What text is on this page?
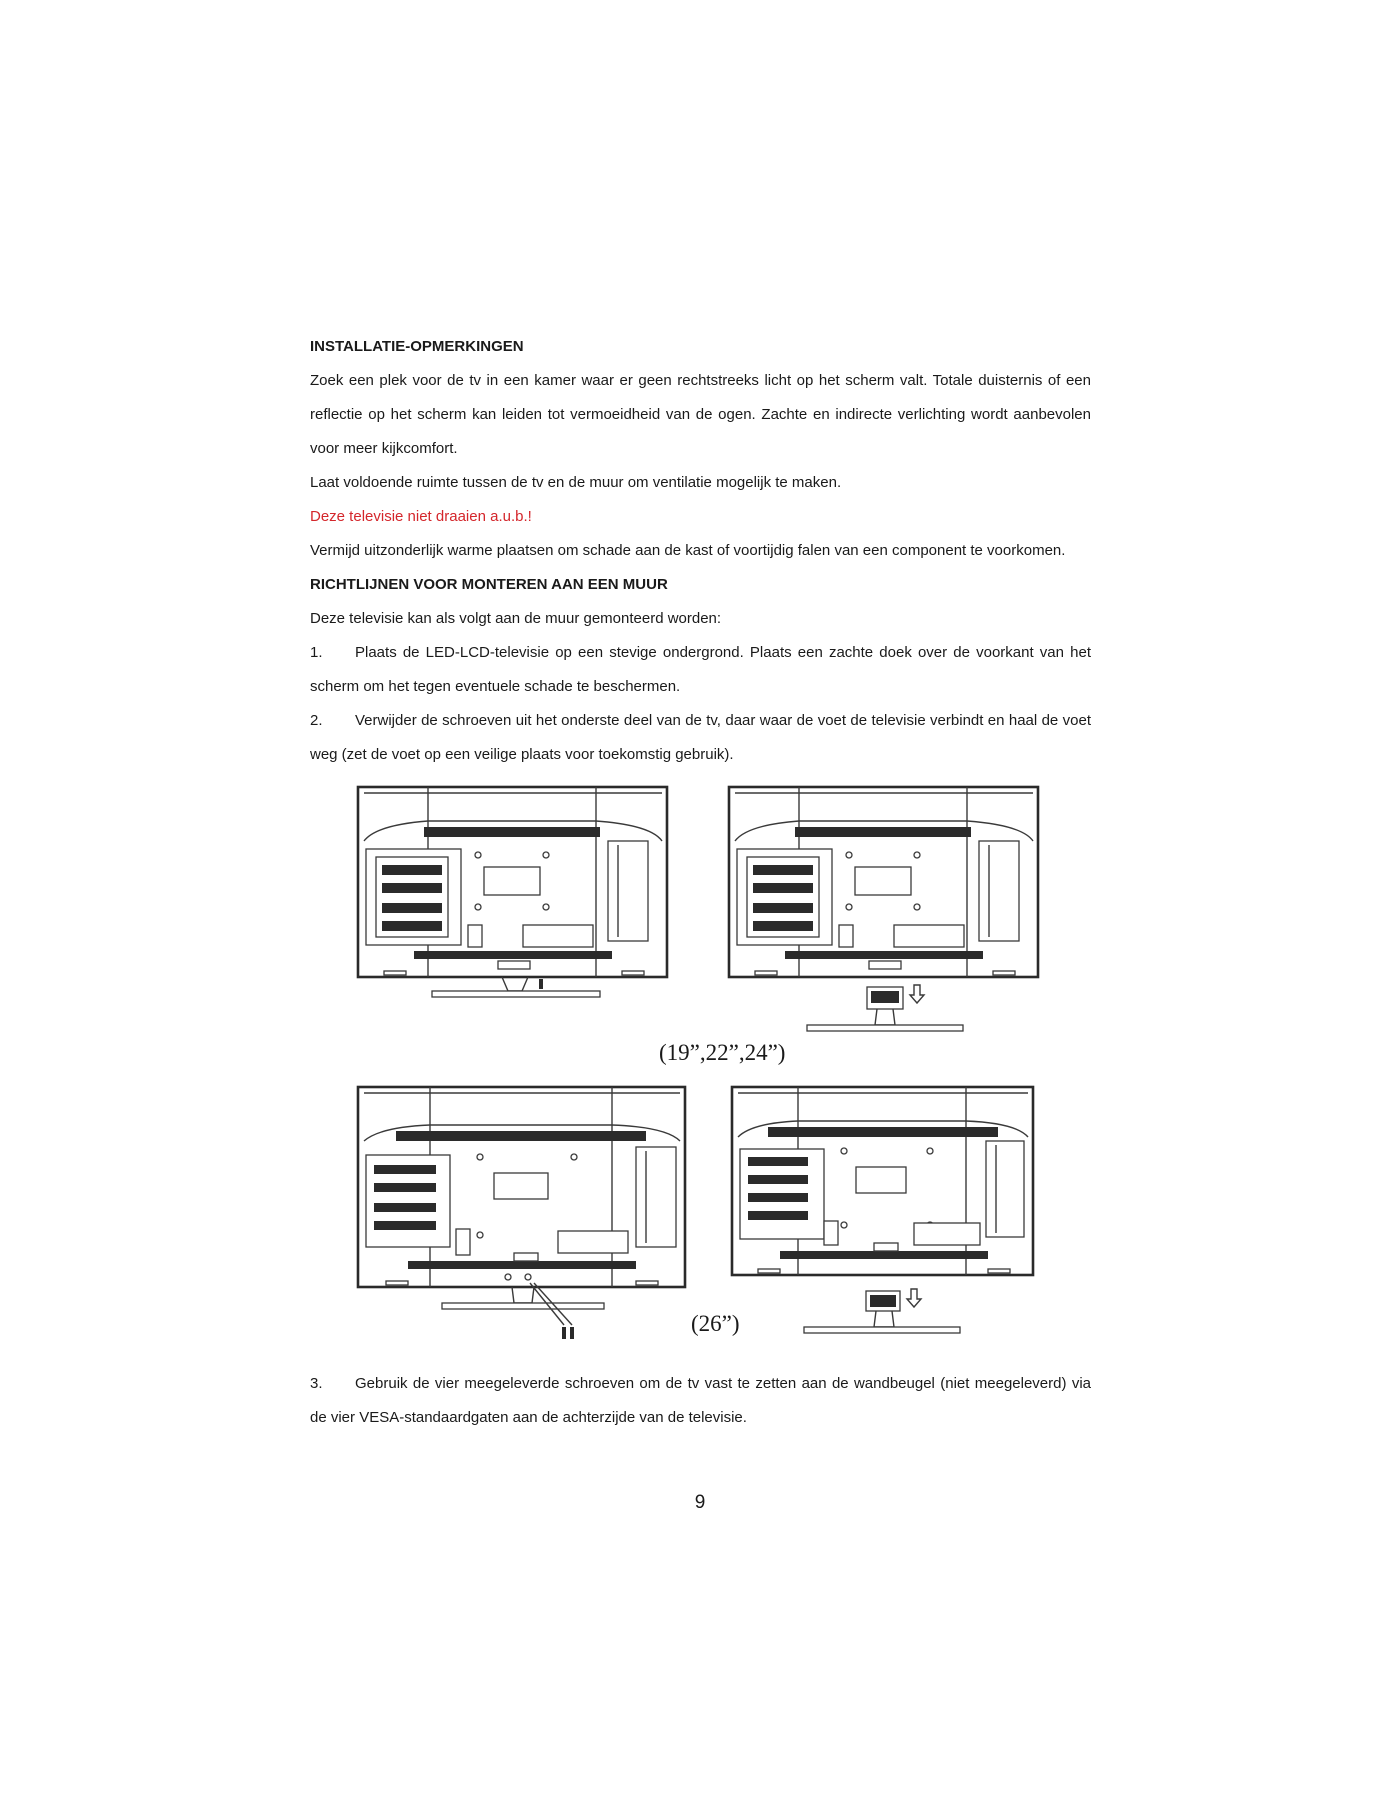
INSTALLATIE-OPMERKINGEN

Zoek een plek voor de tv in een kamer waar er geen rechtstreeks licht op het scherm valt. Totale duisternis of een reflectie op het scherm kan leiden tot vermoeidheid van de ogen. Zachte en indirecte verlichting wordt aanbevolen voor meer kijkcomfort.

Laat voldoende ruimte tussen de tv en de muur om ventilatie mogelijk te maken.

Deze televisie niet draaien a.u.b.!

Vermijd uitzonderlijk warme plaatsen om schade aan de kast of voortijdig falen van een component te voorkomen.

RICHTLIJNEN VOOR MONTEREN AAN EEN MUUR

Deze televisie kan als volgt aan de muur gemonteerd worden:

1. Plaats de LED-LCD-televisie op een stevige ondergrond. Plaats een zachte doek over de voorkant van het scherm om het tegen eventuele schade te beschermen.

2. Verwijder de schroeven uit het onderste deel van de tv, daar waar de voet de televisie verbindt en haal de voet weg (zet de voet op een veilige plaats voor toekomstig gebruik).

(19”,22”,24”)
(26”)

3. Gebruik de vier meegeleverde schroeven om de tv vast te zetten aan de wandbeugel (niet meegeleverd) via de vier VESA-standaardgaten aan de achterzijde van de televisie.

9
